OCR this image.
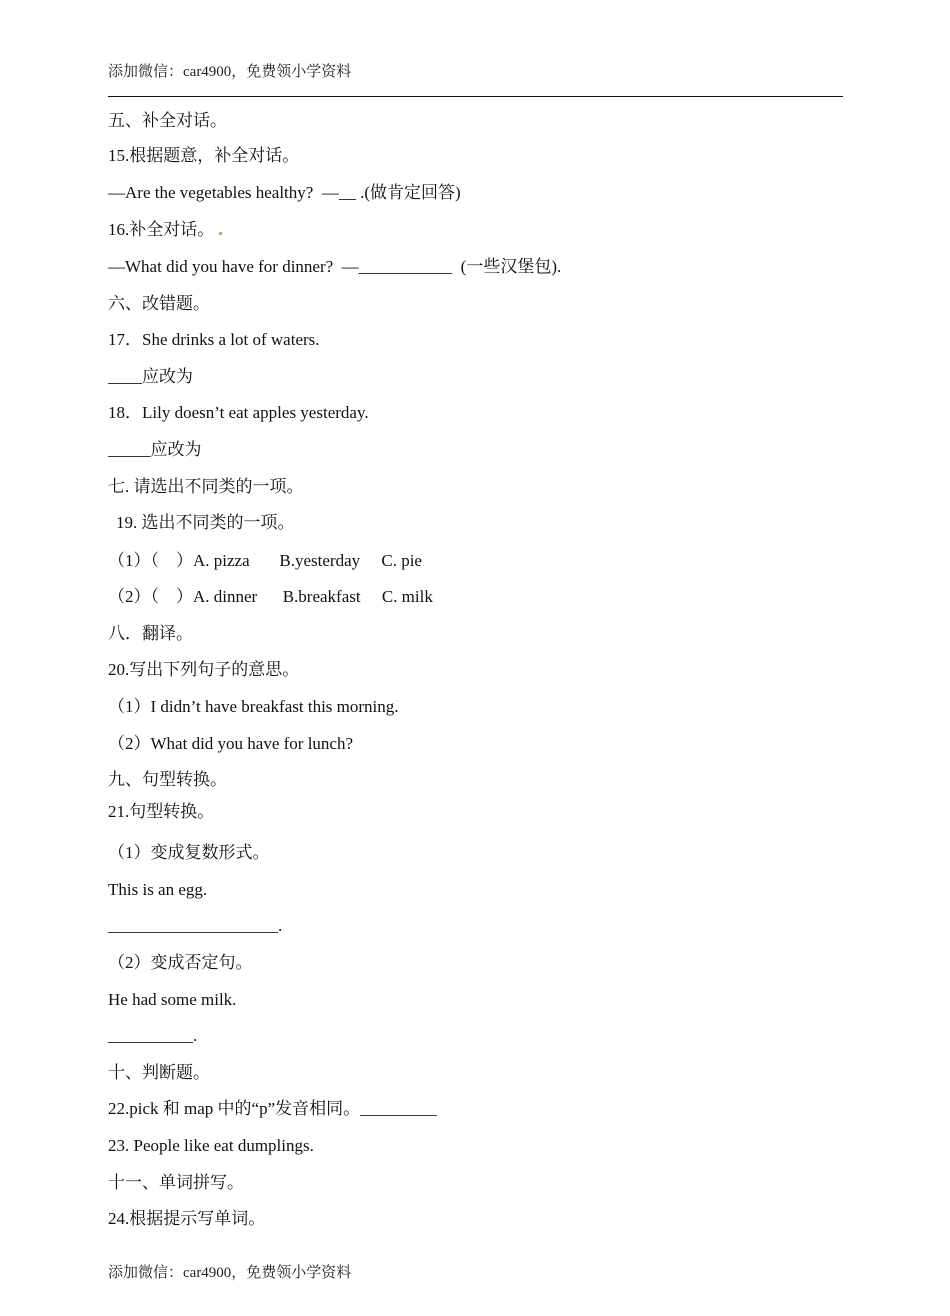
添加微信：car4900，免费领小学资料
五、补全对话。
15.根据题意，补全对话。
—Are the vegetables healthy?  —__ .(做肯定回答)
16.补全对话。
—What did you have for dinner?  —___________  (一些汉堡包).
六、改错题。
17．She drinks a lot of waters.
____应改为
18．Lily doesn’t eat apples yesterday.
_____应改为
七. 请选出不同类的一项。
19. 选出不同类的一项。
（1）（    ）A. pizza       B.yesterday     C. pie
（2）（    ）A. dinner      B.breakfast     C. milk
八．翻译。
20.写出下列句子的意思。
（1）I didn’t have breakfast this morning.
（2）What did you have for lunch?
九、句型转换。
21.句型转换。
（1）变成复数形式。
This is an egg.
____________________.
（2）变成否定句。
He had some milk.
__________.
十、判断题。
22.pick 和 map 中的“p”发音相同。_________
23. People like eat dumplings.
十一、单词拼写。
24.根据提示写单词。
添加微信：car4900，免费领小学资料
